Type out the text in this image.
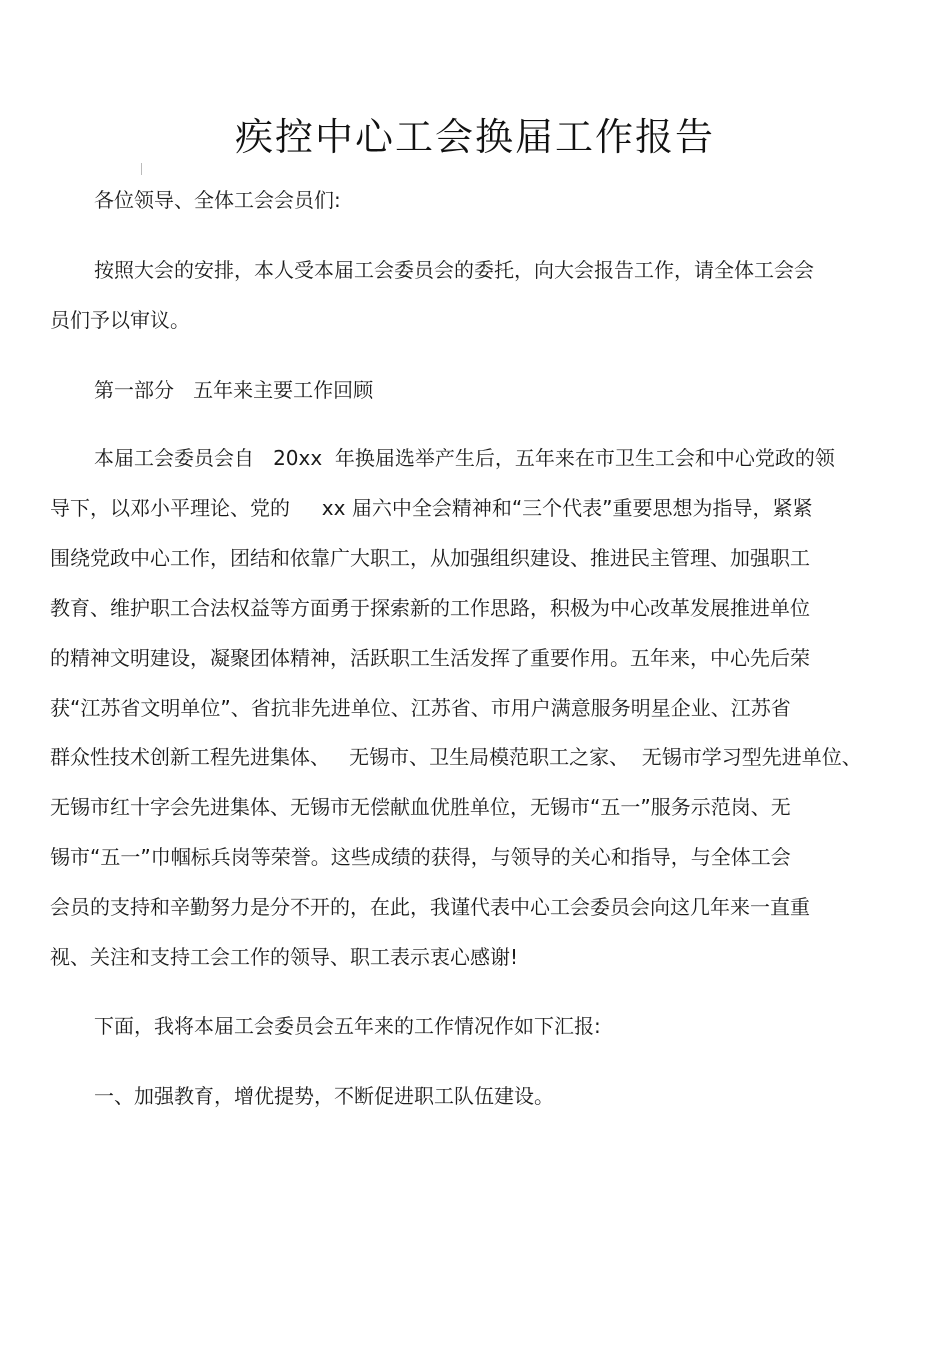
疾控中心工会换届工作报告
各位领导、全体工会会员们:
按照大会的安排，本人受本届工会委员会的委托，向大会报告工作，请全体工会会
员们予以审议。
第一部分   五年来主要工作回顾
本届工会委员会自   20xx  年换届选举产生后，五年来在市卫生工会和中心党政的领
导下，以邓小平理论、党的     xx 届六中全会精神和“三个代表”重要思想为指导，紧紧
围绕党政中心工作，团结和依靠广大职工，从加强组织建设、推进民主管理、加强职工
教育、维护职工合法权益等方面勇于探索新的工作思路，积极为中心改革发展推进单位
的精神文明建设，凝聚团体精神，活跃职工生活发挥了重要作用。五年来，中心先后荣
获“江苏省文明单位”、省抗非先进单位、江苏省、市用户满意服务明星企业、江苏省
群众性技术创新工程先进集体、   无锡市、卫生局模范职工之家、  无锡市学习型先进单位、
无锡市红十字会先进集体、无锡市无偿献血优胜单位，无锡市“五一”服务示范岗、无
锡市“五一”巾帼标兵岗等荣誉。这些成绩的获得，与领导的关心和指导，与全体工会
会员的支持和辛勤努力是分不开的，在此，我谨代表中心工会委员会向这几年来一直重
视、关注和支持工会工作的领导、职工表示衷心感谢!
下面，我将本届工会委员会五年来的工作情况作如下汇报:
一、加强教育，增优提势，不断促进职工队伍建设。
